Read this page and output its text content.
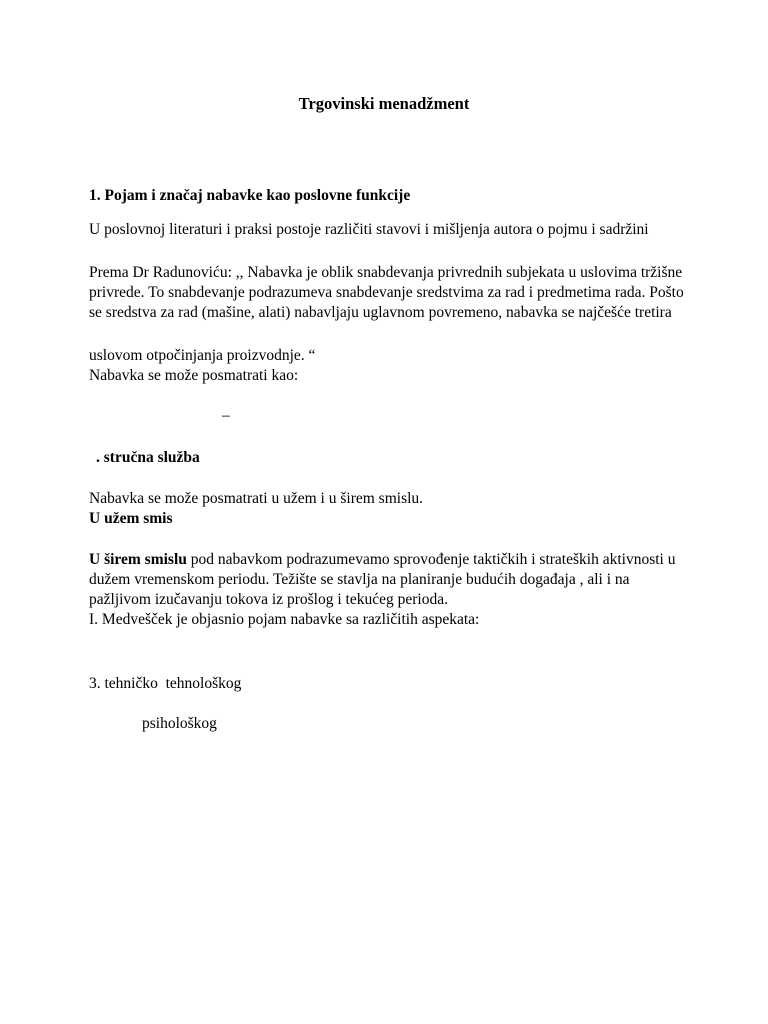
Trgovinski menadžment
1. Pojam i značaj nabavke kao poslovne funkcije
U poslovnoj literaturi i praksi postoje različiti stavovi i mišljenja autora o pojmu i sadržini
Prema Dr Radunoviću: ,, Nabavka je oblik snabdevanja privrednih subjekata u uslovima tržišne
privrede. To snabdevanje podrazumeva snabdevanje sredstvima za rad i predmetima rada. Pošto
se sredstva za rad (mašine, alati) nabavljaju uglavnom povremeno, nabavka se najčešće tretira
uslovom otpočinjanja proizvodnje. “
Nabavka se može posmatrati kao:
–
. stručna služba
Nabavka se može posmatrati u užem i u širem smislu.
U užem smis
U širem smislu pod nabavkom podrazumevamo sprovođenje taktičkih i strateških aktivnosti u
dužem vremenskom periodu. Težište se stavlja na planiranje budućih događaja , ali i na
pažljivom izučavanju tokova iz prošlog i tekućeg perioda.
I. Medvešček je objasnio pojam nabavke sa različitih aspekata:
3. tehničko  tehnološkog
psihološkog
